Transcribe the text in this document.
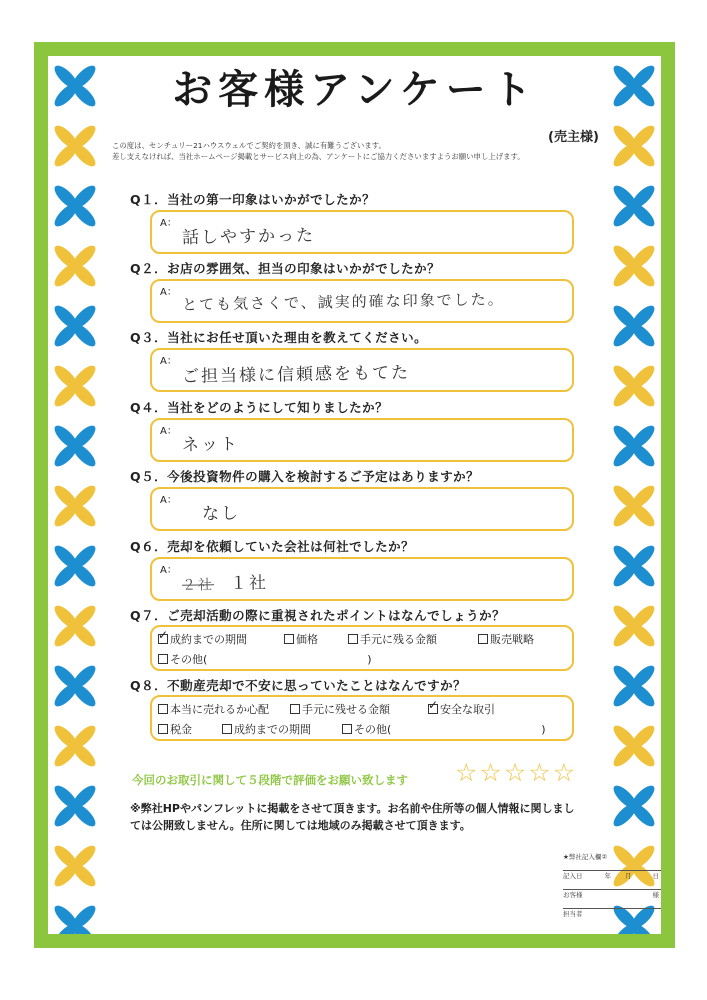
お客様アンケート
(売主様)
この度は、センチュリー21ハウスウェルでご契約を頂き、誠に有難うございます。
差し支えなければ、当社ホームページ掲載とサービス向上の為、アンケートにご協力くださいますようお願い申し上げます。
Q１．当社の第一印象はいかがでしたか？
A：
話しやすかった
Q２．お店の雰囲気、担当の印象はいかがでしたか？
A： とても気さくで、誠実的確な印象でした。
Q３．当社にお任せ頂いた理由を教えてください。
A：
ご担当様に信頼感をもてた
Q４．当社をどのようにして知りましたか？
A：
ネット
Q５．今後投資物件の購入を検討するご予定はありますか？
A：
なし
Q６．売却を依頼していた会社は何社でしたか？
A：
２社 １社
Q７．ご売却活動の際に重視されたポイントはなんでしょうか？
✓成約までの期間	価格	手元に残る金額	販売戦略
その他(	)
Q８．不動産売却で不安に思っていたことはなんですか？
本当に売れるか心配	手元に残せる金額
✓	安全な取引
税金	成約までの期間	その他(	)
今回のお取引に関して５段階で評価をお願い致します ☆☆☆☆☆
※弊社HPやパンフレットに掲載をさせて頂きます。お名前や住所等の個人情報に関しましては公開致しません。住所に関しては地域のみ掲載させて頂きます。
★弊社記入欄②
記入日	年 月	日
お客様	様
担当者
